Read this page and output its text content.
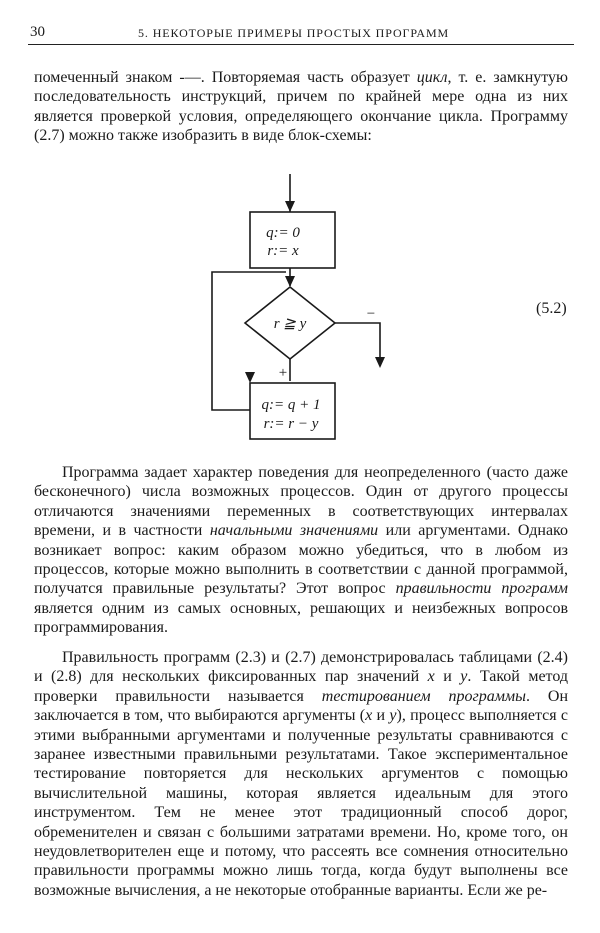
30	5. НЕКОТОРЫЕ ПРИМЕРЫ ПРОСТЫХ ПРОГРАММ

помеченный знаком ‑—. Повторяемая часть образует цикл, т. е. замкнутую последовательность инструкций, причем по крайней мере одна из них является проверкой условия, определяющего окончание цикла. Программу (2.7) можно также изобразить в виде блок-схемы:

q:= 0
r:= x
r ≧ y
−
+
q:= q + 1
r:= r − y
(5.2)

Программа задает характер поведения для неопределенного (часто даже бесконечного) числа возможных процессов. Один от другого процессы отличаются значениями переменных в соответствующих интервалах времени, и в частности начальными значениями или аргументами. Однако возникает вопрос: каким образом можно убедиться, что в любом из процессов, которые можно выполнить в соответствии с данной программой, получатся правильные результаты? Этот вопрос правильности программ является одним из самых основных, решающих и неизбежных вопросов программирования.

Правильность программ (2.3) и (2.7) демонстрировалась таблицами (2.4) и (2.8) для нескольких фиксированных пар значений x и y. Такой метод проверки правильности называется тестированием программы. Он заключается в том, что выбираются аргументы (x и y), процесс выполняется с этими выбранными аргументами и полученные результаты сравниваются с заранее известными правильными результатами. Такое экспериментальное тестирование повторяется для нескольких аргументов с помощью вычислительной машины, которая является идеальным для этого инструментом. Тем не менее этот традиционный способ дорог, обременителен и связан с большими затратами времени. Но, кроме того, он неудовлетворителен еще и потому, что рассеять все сомнения относительно правильности программы можно лишь тогда, когда будут выполнены все возможные вычисления, а не некоторые отобранные варианты. Если же ре-
